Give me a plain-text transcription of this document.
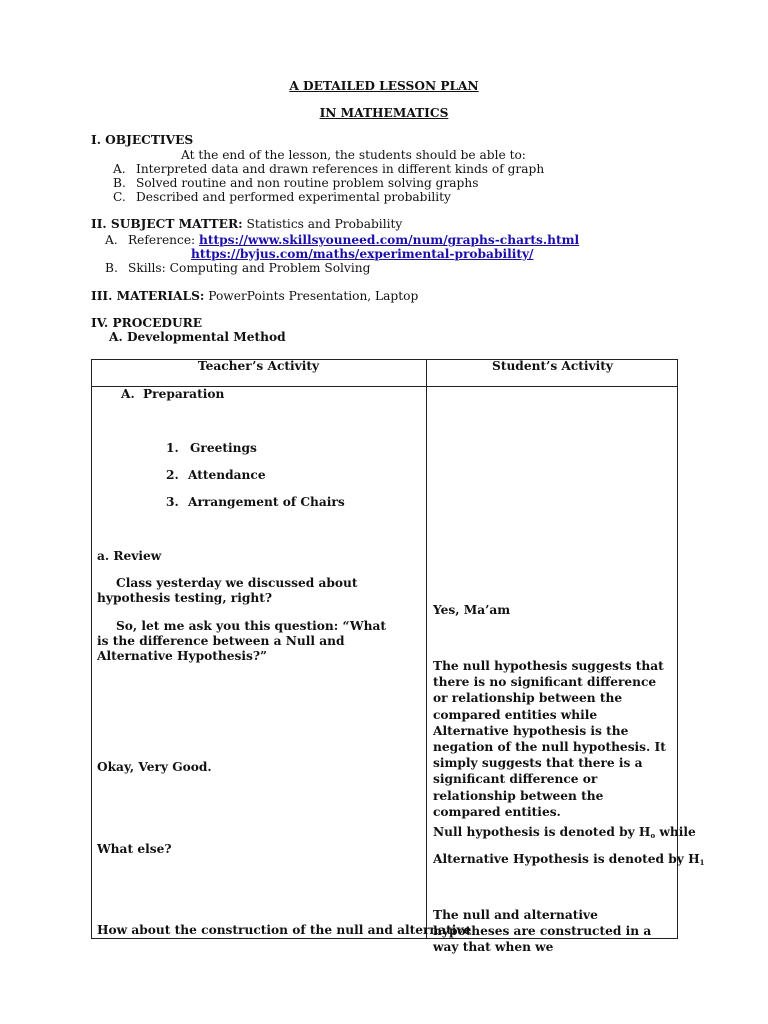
A DETAILED LESSON PLAN
IN MATHEMATICS
I. OBJECTIVES
At the end of the lesson, the students should be able to:
A. Interpreted data and drawn references in different kinds of graph
B. Solved routine and non routine problem solving graphs
C. Described and performed experimental probability
II. SUBJECT MATTER: Statistics and Probability
A. Reference: https://www.skillsyouneed.com/num/graphs-charts.html
https://byjus.com/maths/experimental-probability/
B. Skills: Computing and Problem Solving
III. MATERIALS: PowerPoints Presentation, Laptop
IV. PROCEDURE
A. Developmental Method
Teacher’s Activity	Student’s Activity
A. Preparation
1. Greetings
2. Attendance
3. Arrangement of Chairs
a. Review
Class yesterday we discussed about hypothesis testing, right?
So, let me ask you this question: “What is the difference between a Null and Alternative Hypothesis?”
Okay, Very Good.
What else?
How about the construction of the null and alternative
Yes, Ma’am
The null hypothesis suggests that there is no significant difference or relationship between the compared entities while Alternative hypothesis is the negation of the null hypothesis. It simply suggests that there is a significant difference or relationship between the compared entities.
Null hypothesis is denoted by $H_o$ while
Alternative Hypothesis is denoted by $H_1$
The null and alternative hypotheses are constructed in a way that when we
